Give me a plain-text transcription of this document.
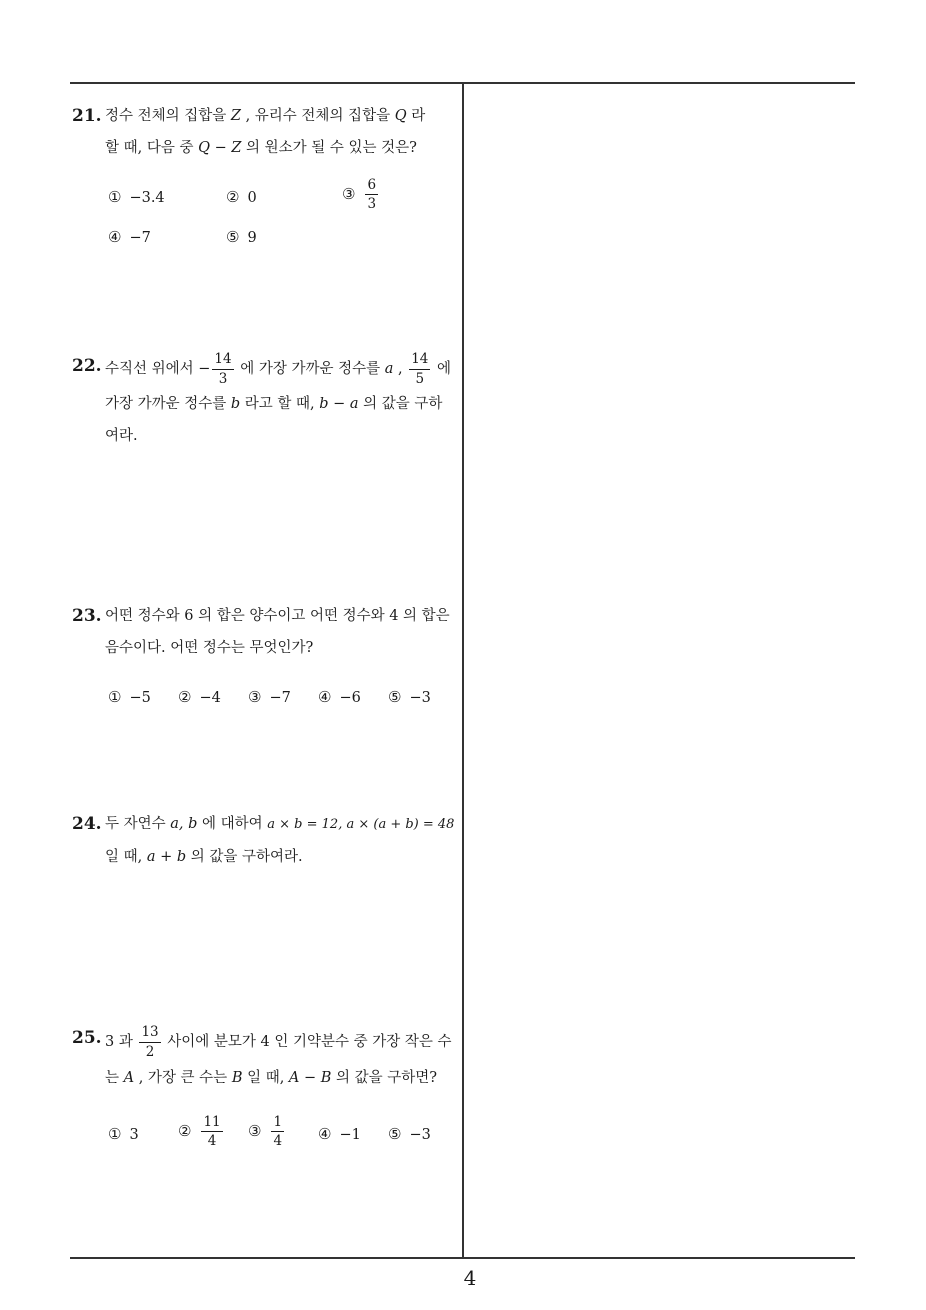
21. 정수 전체의 집합을 Z , 유리수 전체의 집합을 Q 라
할 때, 다음 중 Q − Z 의 원소가 될 수 있는 것은?
① −3.4	② 0	③ $\frac{6}{3}$
④ −7	⑤ 9
22. 수직선 위에서 − $\frac{14}{3}$ 에 가장 가까운 정수를 a , $\frac{14}{5}$ 에
가장 가까운 정수를 b 라고 할 때, b − a 의 값을 구하
여라.
23. 어떤 정수와 6 의 합은 양수이고 어떤 정수와 4 의 합은
음수이다. 어떤 정수는 무엇인가?
① −5 ② −4 ③ −7 ④ −6 ⑤ −3
24. 두 자연수 a, b 에 대하여 a × b = 12, a × (a + b) = 48
일 때, a + b 의 값을 구하여라.
25. 3 과 $\frac{13}{2}$ 사이에 분모가 4 인 기약분수 중 가장 작은 수
는 A , 가장 큰 수는 B 일 때, A − B 의 값을 구하면?
① 3	② $\frac{11}{4}$ ③ $\frac{1}{4}$ ④ −1 ⑤ −3
4
